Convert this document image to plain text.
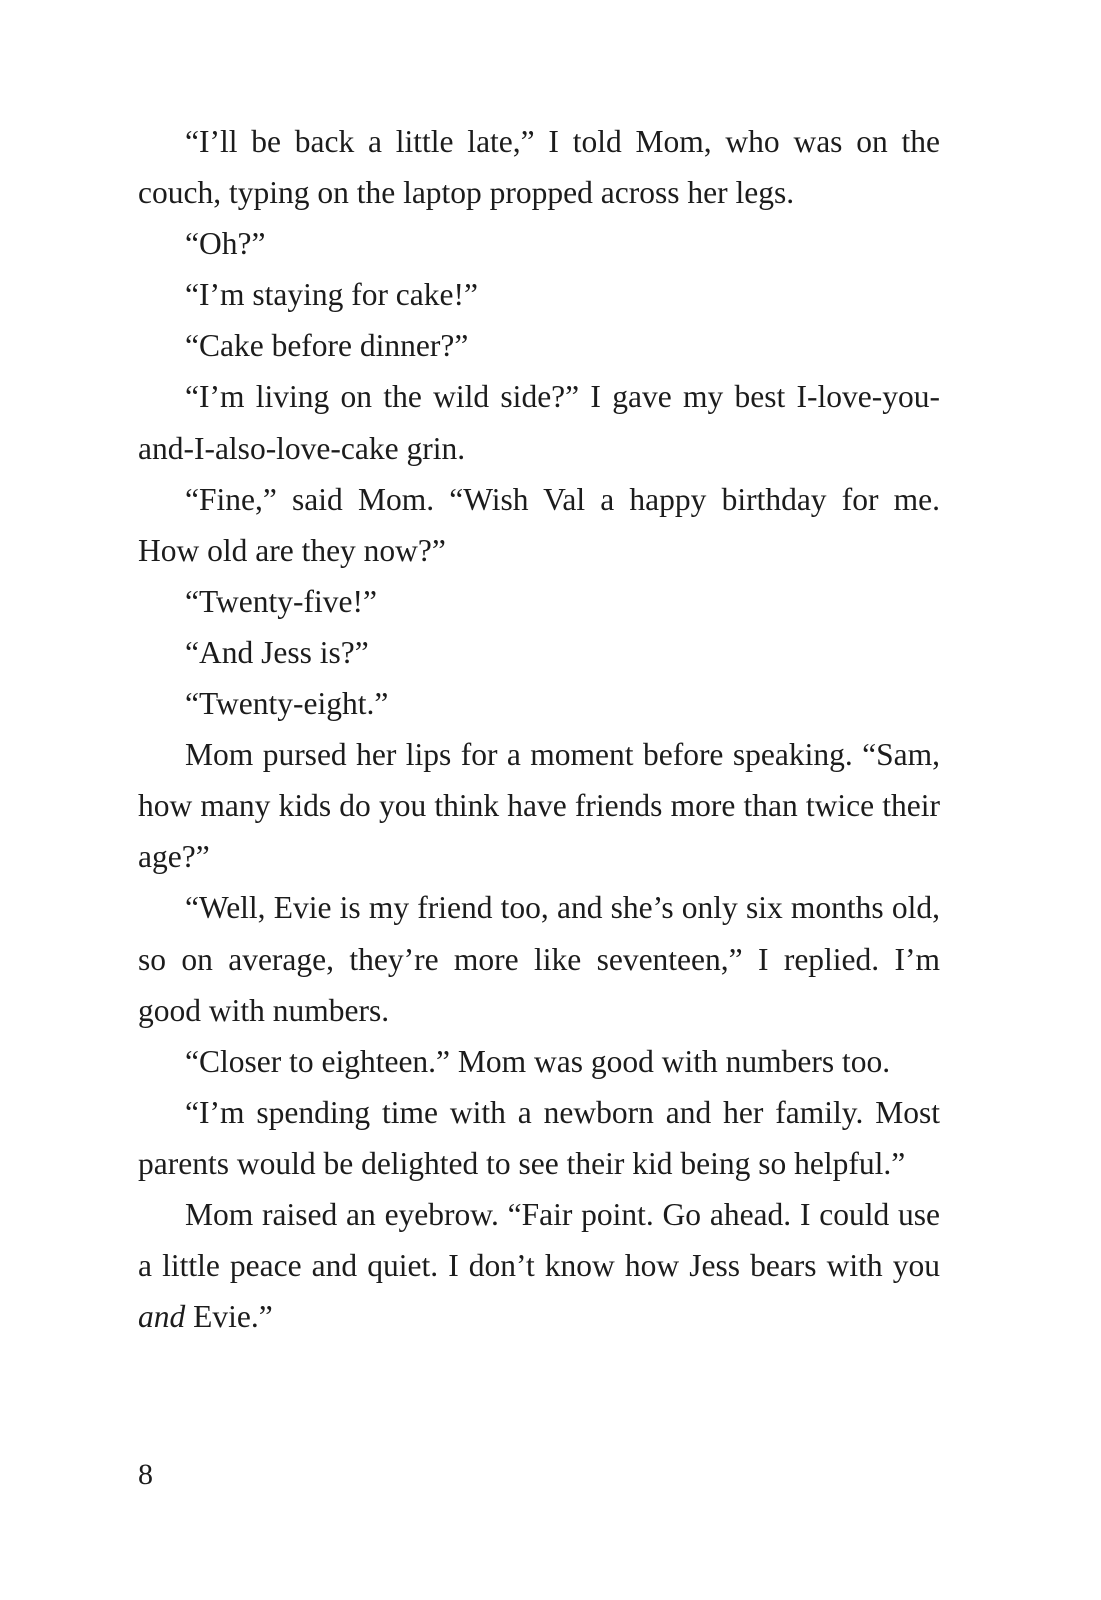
“I’ll be back a little late,” I told Mom, who was on the couch, typing on the laptop propped across her legs.

“Oh?”

“I’m staying for cake!”

“Cake before dinner?”

“I’m living on the wild side?” I gave my best I-love-you-and-I-also-love-cake grin.

“Fine,” said Mom. “Wish Val a happy birthday for me. How old are they now?”

“Twenty-five!”

“And Jess is?”

“Twenty-eight.”

Mom pursed her lips for a moment before speaking. “Sam, how many kids do you think have friends more than twice their age?”

“Well, Evie is my friend too, and she’s only six months old, so on average, they’re more like seventeen,” I replied. I’m good with numbers.

“Closer to eighteen.” Mom was good with numbers too.

“I’m spending time with a newborn and her family. Most parents would be delighted to see their kid being so helpful.”

Mom raised an eyebrow. “Fair point. Go ahead. I could use a little peace and quiet. I don’t know how Jess bears with you and Evie.”

8
